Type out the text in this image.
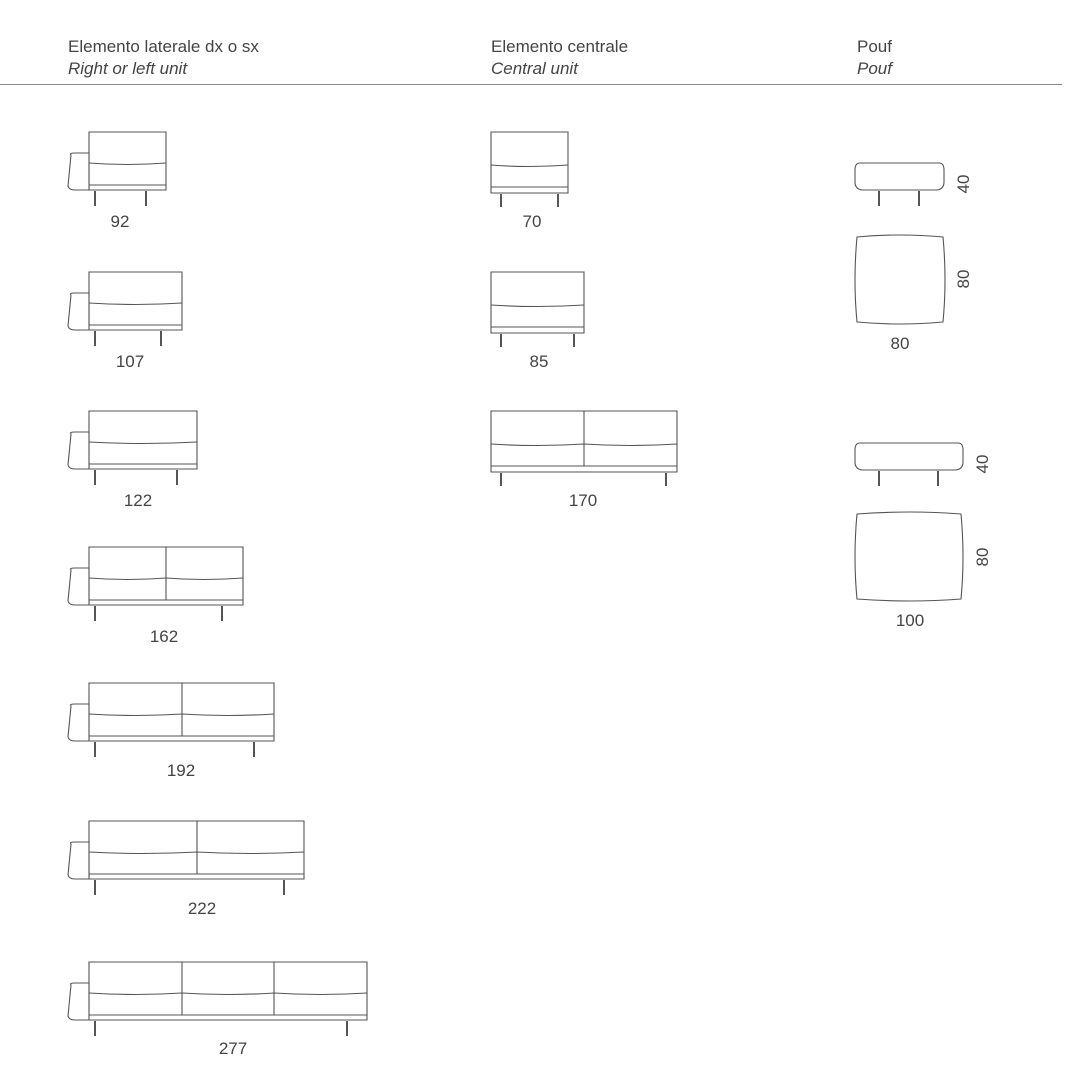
Elemento laterale dx o sx
Right or left unit
Elemento centrale
Central unit
Pouf
Pouf
92
107
122
162
192
222
277
70
85
170
40
80
80
40
80
100
